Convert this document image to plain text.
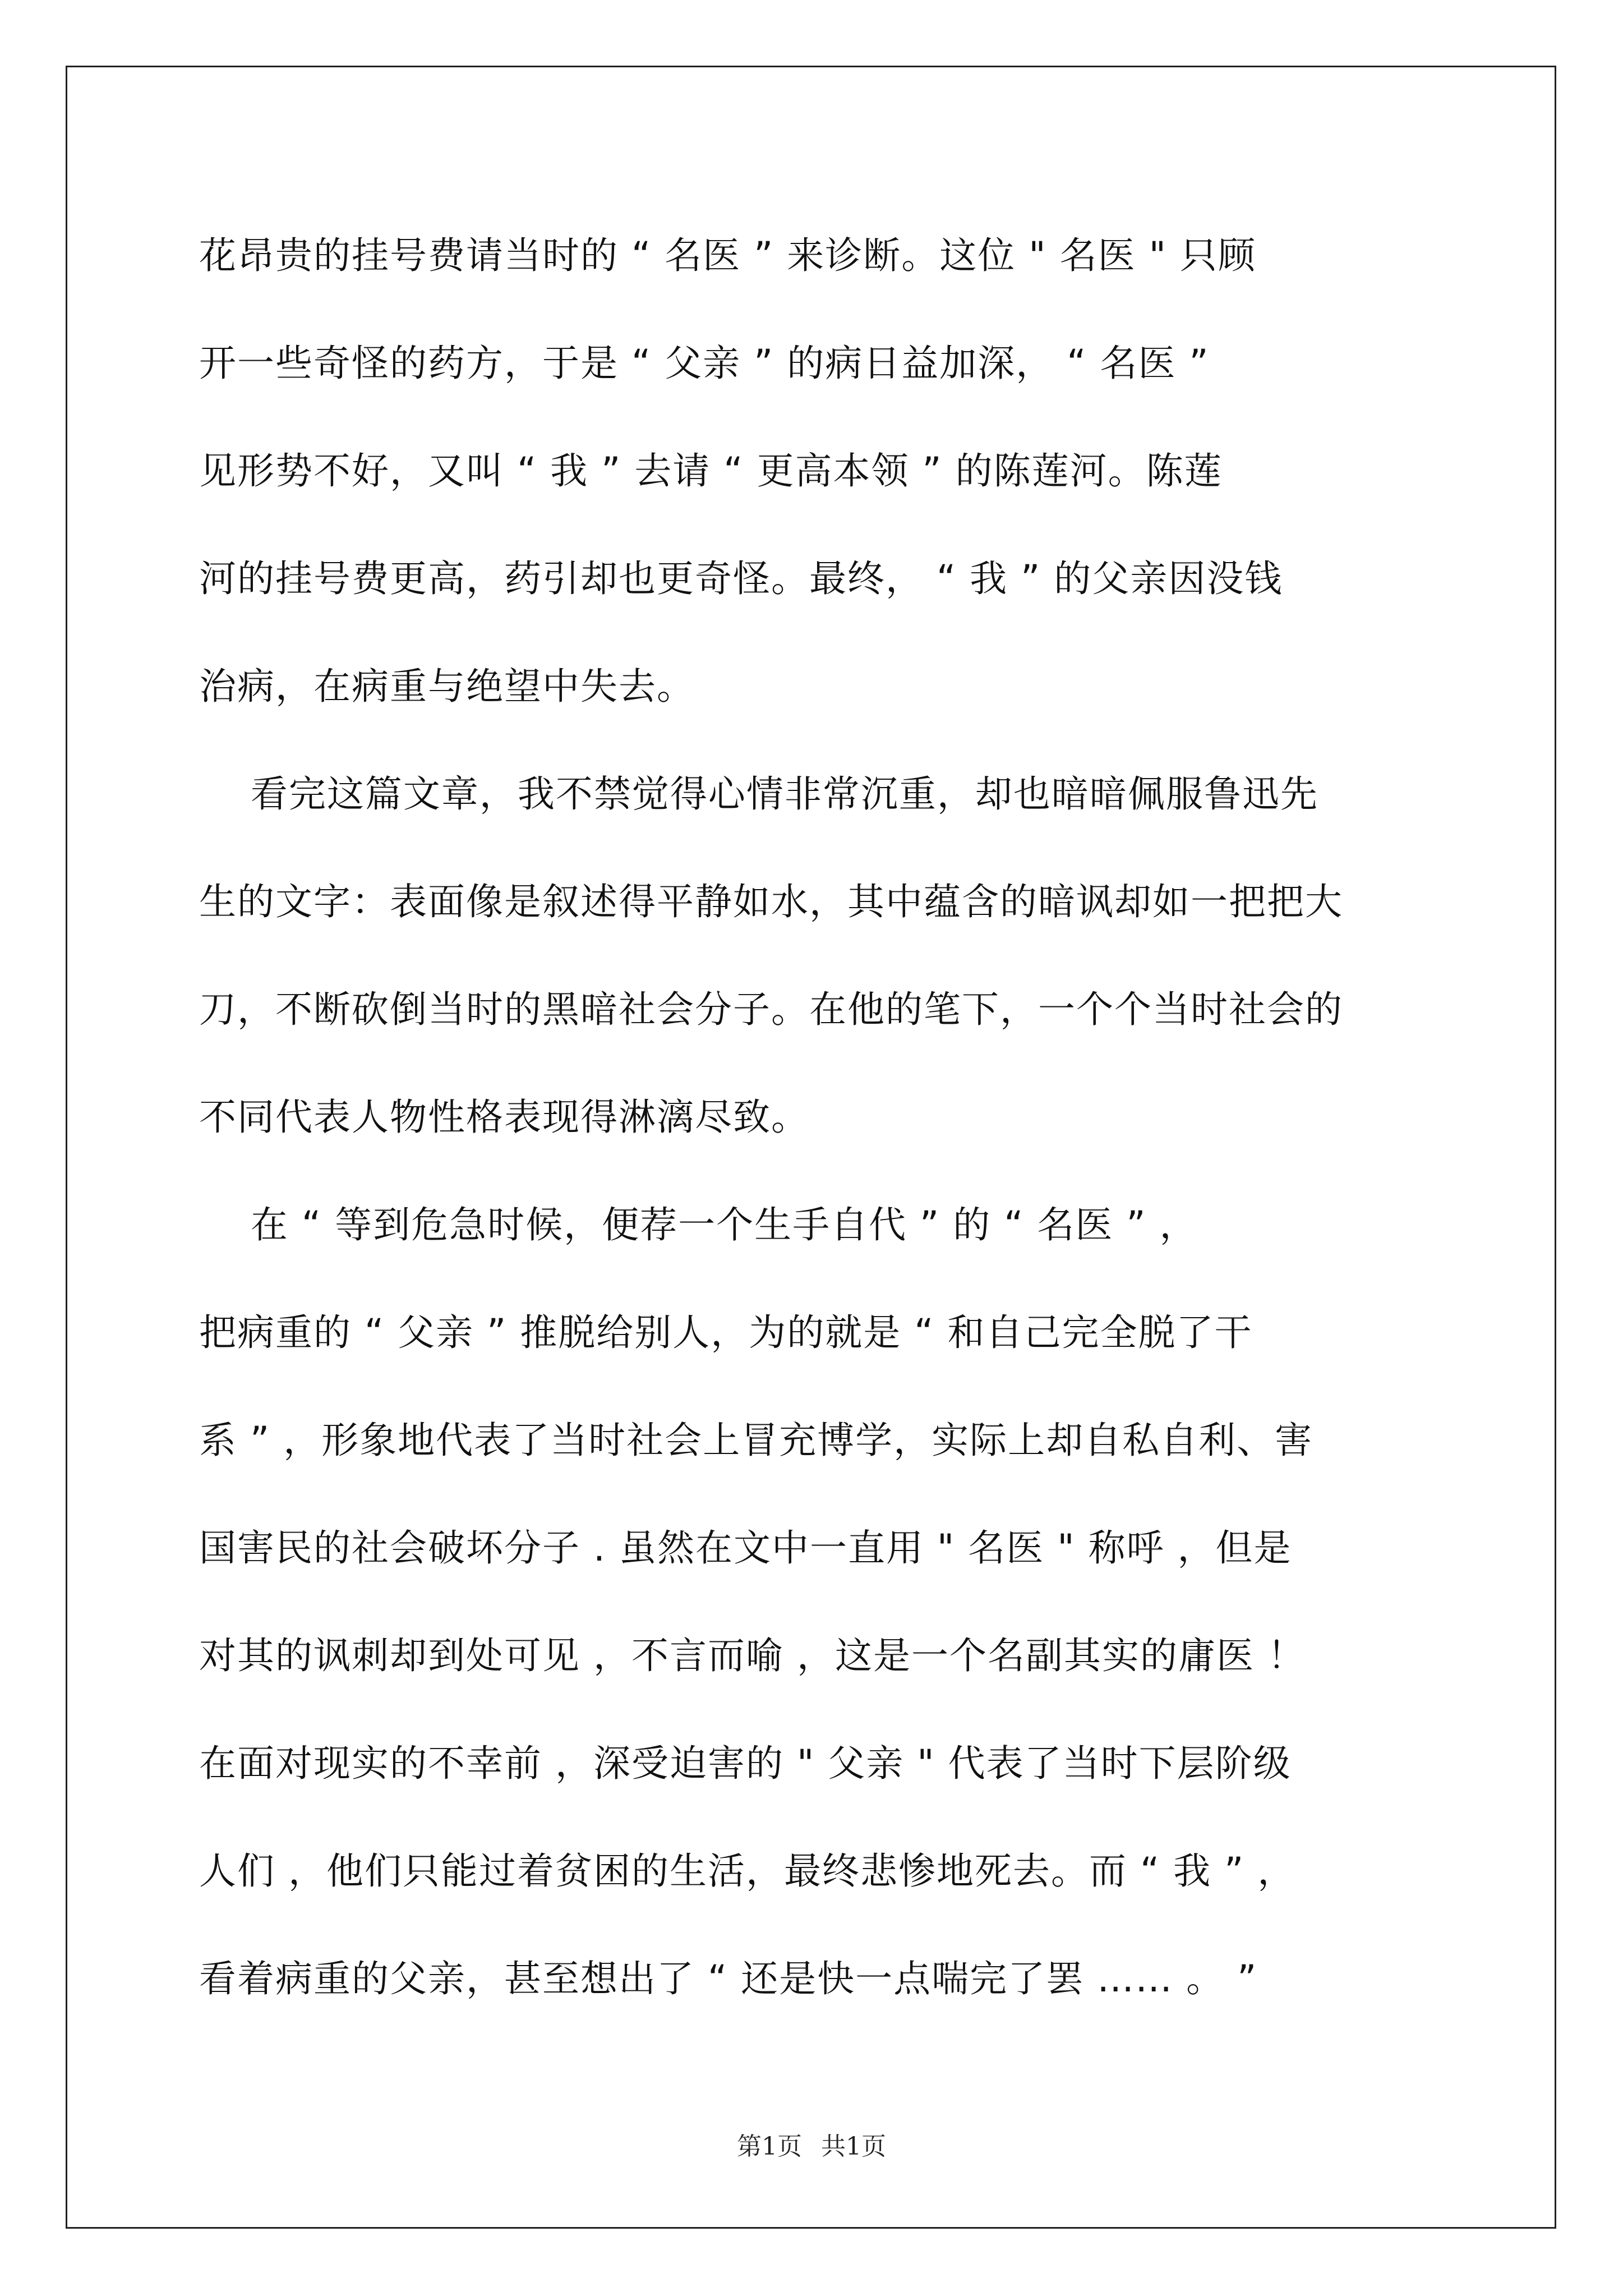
花昂贵的挂号费请当时的 “ 名医 ” 来诊断。这位 " 名医 " 只顾
开一些奇怪的药方，于是 “ 父亲 ” 的病日益加深， “ 名医 ”
见形势不好，又叫 “ 我 ” 去请 “ 更高本领 ” 的陈莲河。陈莲
河的挂号费更高，药引却也更奇怪。最终， “ 我 ” 的父亲因没钱
治病，在病重与绝望中失去。
看完这篇文章，我不禁觉得心情非常沉重，却也暗暗佩服鲁迅先
生的文字：表面像是叙述得平静如水，其中蕴含的暗讽却如一把把大
刀，不断砍倒当时的黑暗社会分子。在他的笔下，一个个当时社会的
不同代表人物性格表现得淋漓尽致。
在 “ 等到危急时候，便荐一个生手自代 ” 的 “ 名医 ” ，
把病重的 “ 父亲 ” 推脱给别人，为的就是 “ 和自己完全脱了干
系 ” ，形象地代表了当时社会上冒充博学，实际上却自私自利、害
国害民的社会破坏分子 . 虽然在文中一直用 " 名医 " 称呼 ，但是
对其的讽刺却到处可见 ，不言而喻 ，这是一个名副其实的庸医 ！
在面对现实的不幸前 ，深受迫害的 " 父亲 " 代表了当时下层阶级
人们 ，他们只能过着贫困的生活，最终悲惨地死去。而 “ 我 ” ，
看着病重的父亲，甚至想出了 “ 还是快一点喘完了罢 …… 。 ”
第1页 共1页
